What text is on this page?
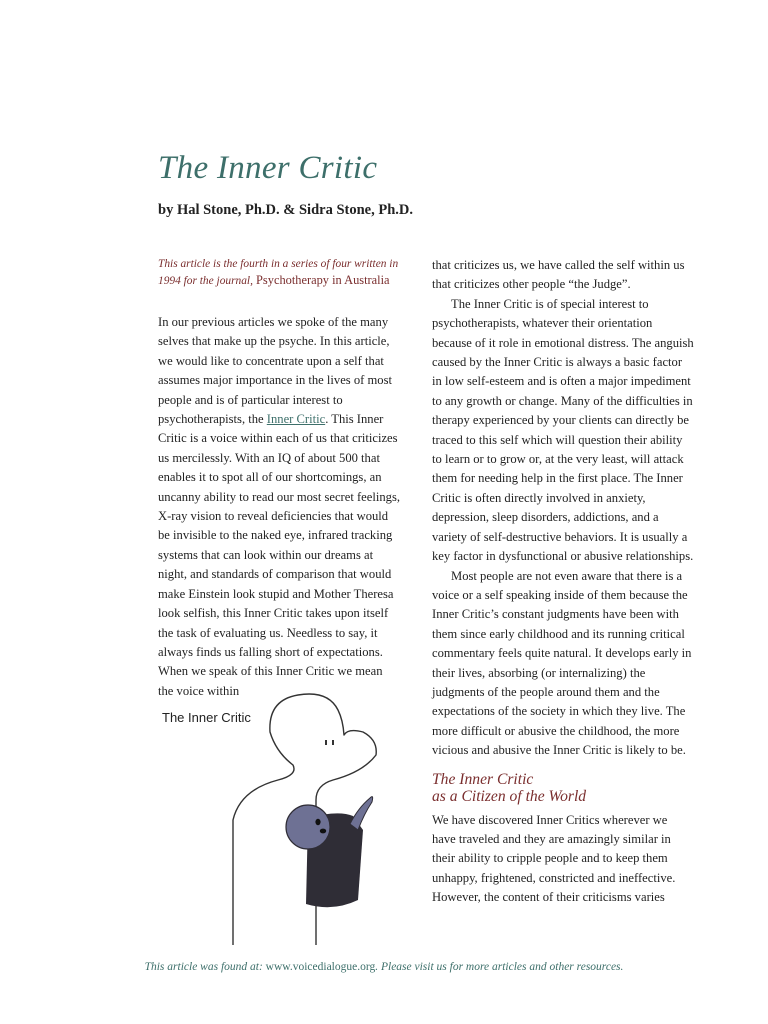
The Inner Critic
by Hal Stone, Ph.D. & Sidra Stone, Ph.D.

This article is the fourth in a series of four written in 1994 for the journal, Psychotherapy in Australia

In our previous articles we spoke of the many selves that make up the psyche. In this article, we would like to concentrate upon a self that assumes major importance in the lives of most people and is of particular interest to psychotherapists, the Inner Critic. This Inner Critic is a voice within each of us that criticizes us mercilessly. With an IQ of about 500 that enables it to spot all of our shortcomings, an uncanny ability to read our most secret feelings, X-ray vision to reveal deficiencies that would be invisible to the naked eye, infrared tracking systems that can look within our dreams at night, and standards of comparison that would make Einstein look stupid and Mother Theresa look selfish, this Inner Critic takes upon itself the task of evaluating us. Needless to say, it always finds us falling short of expectations. When we speak of this Inner Critic we mean the voice within

that criticizes us, we have called the self within us that criticizes other people “the Judge”.

The Inner Critic is of special interest to psychotherapists, whatever their orientation because of it role in emotional distress. The anguish caused by the Inner Critic is always a basic factor in low self-esteem and is often a major impediment to any growth or change. Many of the difficulties in therapy experienced by your clients can directly be traced to this self which will question their ability to learn or to grow or, at the very least, will attack them for needing help in the first place. The Inner Critic is often directly involved in anxiety, depression, sleep disorders, addictions, and a variety of self-destructive behaviors. It is usually a key factor in dysfunctional or abusive relationships.

Most people are not even aware that there is a voice or a self speaking inside of them because the Inner Critic’s constant judgments have been with them since early childhood and its running critical commentary feels quite natural. It develops early in their lives, absorbing (or internalizing) the judgments of the people around them and the expectations of the society in which they live. The more difficult or abusive the childhood, the more vicious and abusive the Inner Critic is likely to be.

The Inner Critic
as a Citizen of the World

We have discovered Inner Critics wherever we have traveled and they are amazingly similar in their ability to cripple people and to keep them unhappy, frightened, constricted and ineffective. However, the content of their criticisms varies

The Inner Critic
This article was found at: www.voicedialogue.org. Please visit us for more articles and other resources.
